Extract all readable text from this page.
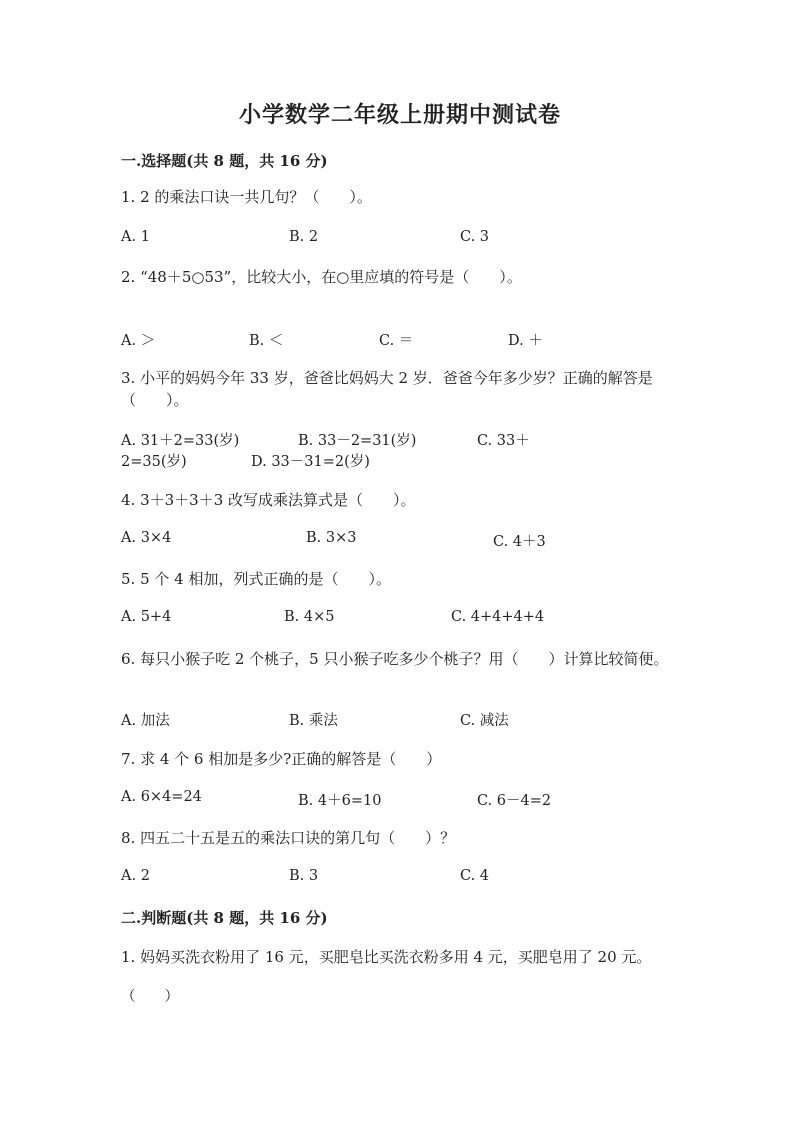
小学数学二年级上册期中测试卷
一.选择题(共 8 题，共 16 分)
1. 2 的乘法口诀一共几句？（　　）。
A. 1	B. 2	C. 3
2. “48＋5○53”，比较大小，在○里应填的符号是（　　）。
A. ＞	B. ＜	C. ＝	D. ＋
3. 小平的妈妈今年 33 岁，爸爸比妈妈大 2 岁．爸爸今年多少岁？正确的解答是（　　）。
A. 31＋2=33(岁)	B. 33－2=31(岁)	C. 33＋
2=35(岁)	D. 33－31=2(岁)
4. 3＋3＋3＋3 改写成乘法算式是（　　）。
A. 3×4	B. 3×3	C. 4＋3
5. 5 个 4 相加，列式正确的是（　　）。
A. 5+4	B. 4×5	C. 4+4+4+4
6. 每只小猴子吃 2 个桃子，5 只小猴子吃多少个桃子？用（　　）计算比较简便。
A. 加法	B. 乘法	C. 减法
7. 求 4 个 6 相加是多少?正确的解答是（　　）
A. 6×4=24	B. 4＋6=10	C. 6－4=2
8. 四五二十五是五的乘法口诀的第几句（　　）？
A. 2	B. 3	C. 4
二.判断题(共 8 题，共 16 分)
1. 妈妈买洗衣粉用了 16 元，买肥皂比买洗衣粉多用 4 元，买肥皂用了 20 元。
（　　）
